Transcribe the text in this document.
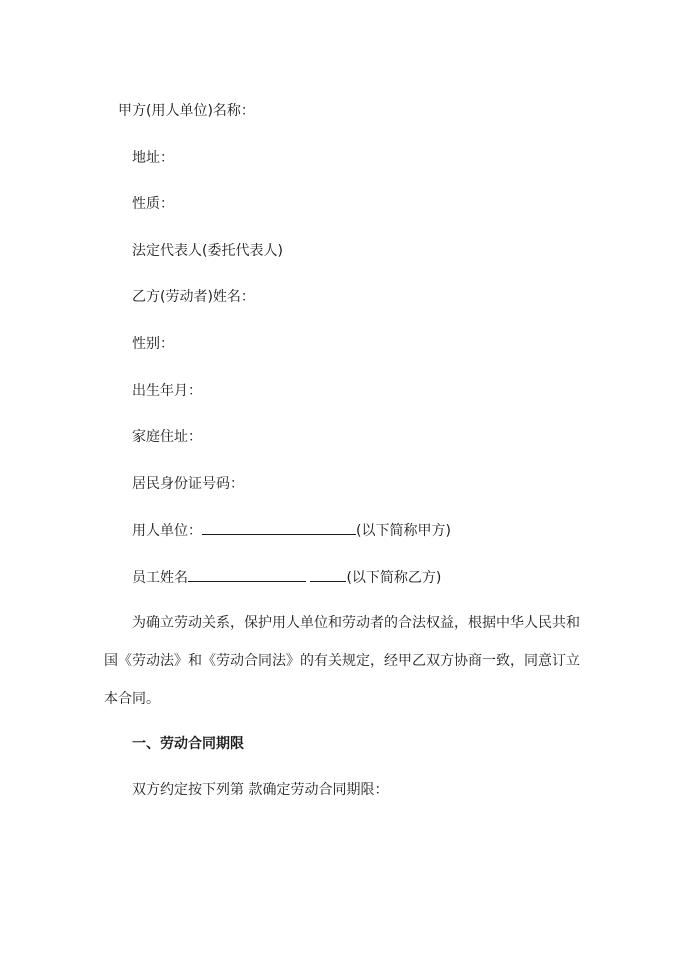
甲方(用人单位)名称：
地址：
性质：
法定代表人(委托代表人)
乙方(劳动者)姓名：
性别：
出生年月：
家庭住址：
居民身份证号码：
用人单位：	(以下简称甲方)
员工姓名	(以下简称乙方)
为确立劳动关系，保护用人单位和劳动者的合法权益，根据中华人民共和国《劳动法》和《劳动合同法》的有关规定，经甲乙双方协商一致，同意订立本合同。
一、劳动合同期限
双方约定按下列第 款确定劳动合同期限：
